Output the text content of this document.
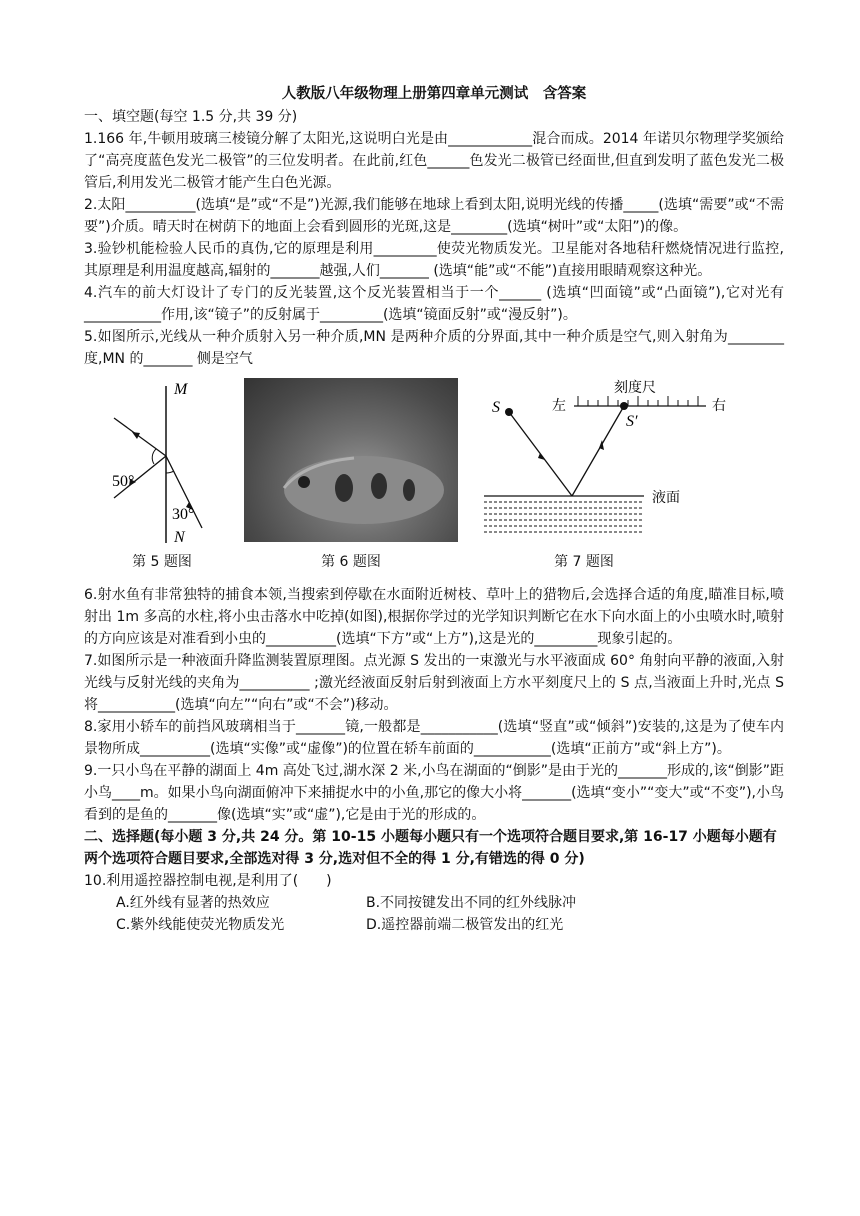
人教版八年级物理上册第四章单元测试　含答案

一、填空题(每空 1.5 分,共 39 分)

1.166 年,牛顿用玻璃三棱镜分解了太阳光,这说明白光是由____________混合而成。2014 年诺贝尔物理学奖颁给了“高亮度蓝色发光二极管”的三位发明者。在此前,红色______色发光二极管已经面世,但直到发明了蓝色发光二极管后,利用发光二极管才能产生白色光源。

2.太阳__________(选填“是”或“不是”)光源,我们能够在地球上看到太阳,说明光线的传播_____(选填“需要”或“不需要”)介质。晴天时在树荫下的地面上会看到圆形的光斑,这是________(选填“树叶”或“太阳”)的像。

3.验钞机能检验人民币的真伪,它的原理是利用_________使荧光物质发光。卫星能对各地秸秆燃烧情况进行监控,其原理是利用温度越高,辐射的_______越强,人们_______ (选填“能”或“不能”)直接用眼睛观察这种光。

4.汽车的前大灯设计了专门的反光装置,这个反光装置相当于一个______ (选填“凹面镜”或“凸面镜”),它对光有___________作用,该“镜子”的反射属于_________(选填“镜面反射”或“漫反射”)。

5.如图所示,光线从一种介质射入另一种介质,MN 是两种介质的分界面,其中一种介质是空气,则入射角为________度,MN 的_______ 侧是空气

M
N
50°
30°
第 5 题图	第 6 题图
刻度尺
左	右
S
S′
液面
第 7 题图

6.射水鱼有非常独特的捕食本领,当搜索到停歇在水面附近树枝、草叶上的猎物后,会选择合适的角度,瞄准目标,喷射出 1m 多高的水柱,将小虫击落水中吃掉(如图),根据你学过的光学知识判断它在水下向水面上的小虫喷水时,喷射的方向应该是对准看到小虫的__________(选填“下方”或“上方”),这是光的_________现象引起的。

7.如图所示是一种液面升降监测装置原理图。点光源 S 发出的一束激光与水平液面成 60° 角射向平静的液面,入射光线与反射光线的夹角为__________ ;激光经液面反射后射到液面上方水平刻度尺上的 S 点,当液面上升时,光点 S 将___________(选填“向左”“向右”或“不会”)移动。

8.家用小轿车的前挡风玻璃相当于_______镜,一般都是___________(选填“竖直”或“倾斜”)安装的,这是为了使车内景物所成__________(选填“实像”或“虚像”)的位置在轿车前面的___________(选填“正前方”或“斜上方”)。

9.一只小鸟在平静的湖面上 4m 高处飞过,湖水深 2 米,小鸟在湖面的“倒影”是由于光的_______形成的,该“倒影”距小鸟____m。如果小鸟向湖面俯冲下来捕捉水中的小鱼,那它的像大小将_______(选填“变小”“变大”或“不变”),小鸟看到的是鱼的_______像(选填“实”或“虚”),它是由于光的形成的。

二、选择题(每小题 3 分,共 24 分。第 10-15 小题每小题只有一个选项符合题目要求,第 16-17 小题每小题有两个选项符合题目要求,全部选对得 3 分,选对但不全的得 1 分,有错选的得 0 分)

10.利用遥控器控制电视,是利用了(　　)

A.红外线有显著的热效应	B.不同按键发出不同的红外线脉冲
C.紫外线能使荧光物质发光	D.遥控器前端二极管发出的红光
